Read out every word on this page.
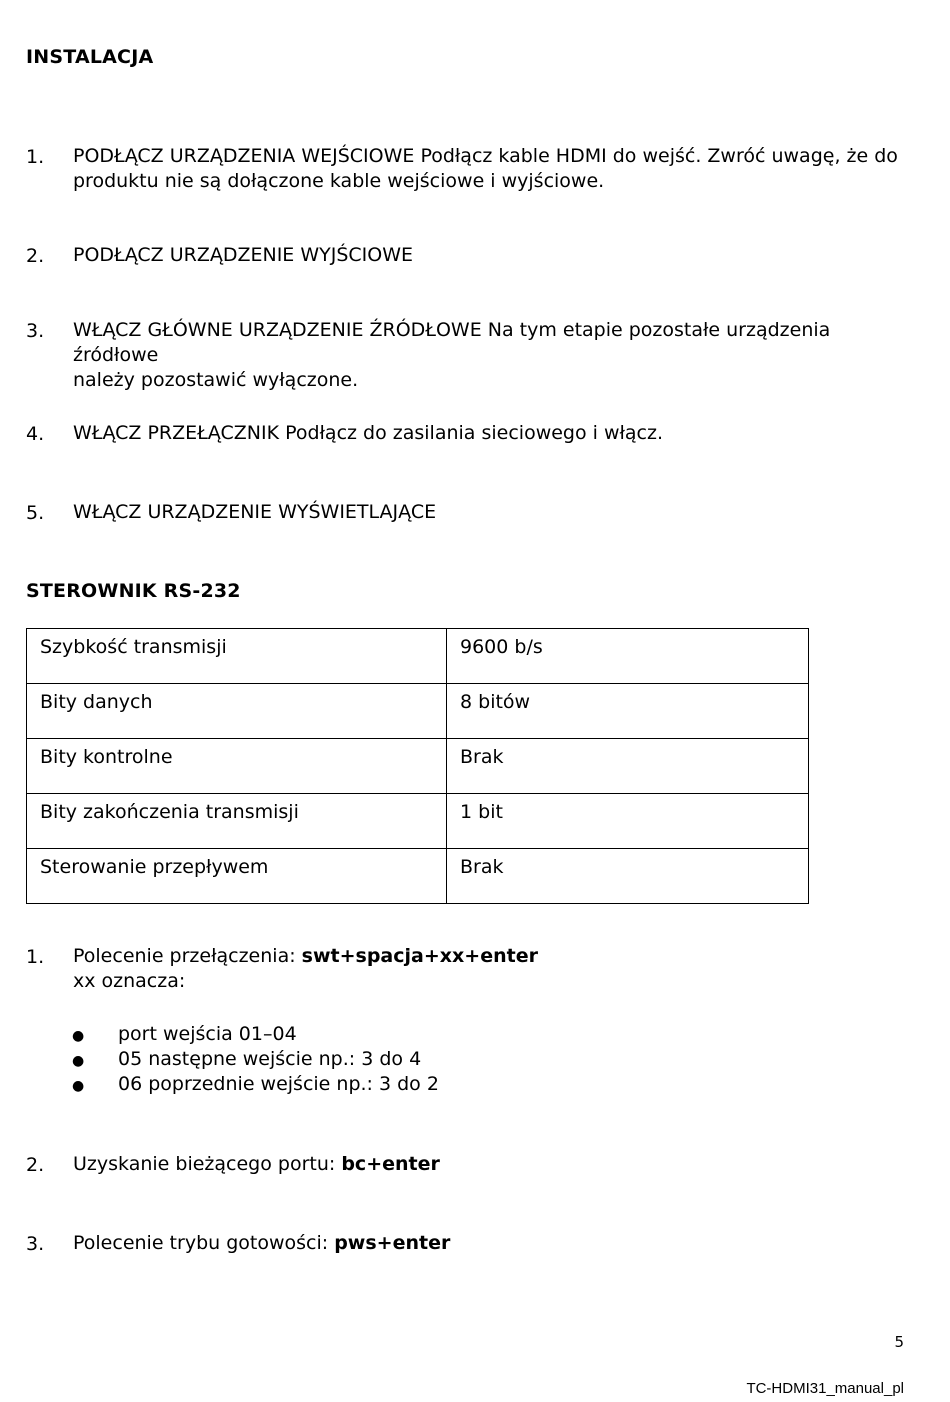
INSTALACJA
1. PODŁĄCZ URZĄDZENIA WEJŚCIOWE Podłącz kable HDMI do wejść. Zwróć uwagę, że do
produktu nie są dołączone kable wejściowe i wyjściowe.
2. PODŁĄCZ URZĄDZENIE WYJŚCIOWE
3. WŁĄCZ GŁÓWNE URZĄDZENIE ŹRÓDŁOWE Na tym etapie pozostałe urządzenia źródłowe
należy pozostawić wyłączone.
4. WŁĄCZ PRZEŁĄCZNIK Podłącz do zasilania sieciowego i włącz.
5. WŁĄCZ URZĄDZENIE WYŚWIETLAJĄCE
STEROWNIK RS-232
Szybkość transmisji	9600 b/s
Bity danych	8 bitów
Bity kontrolne	Brak
Bity zakończenia transmisji	1 bit
Sterowanie przepływem	Brak
1. Polecenie przełączenia: swt+spacja+xx+enter
xx oznacza:
● port wejścia 01–04
● 05 następne wejście np.: 3 do 4
● 06 poprzednie wejście np.: 3 do 2
2. Uzyskanie bieżącego portu: bc+enter
3. Polecenie trybu gotowości: pws+enter
5
TC-HDMI31_manual_pl
